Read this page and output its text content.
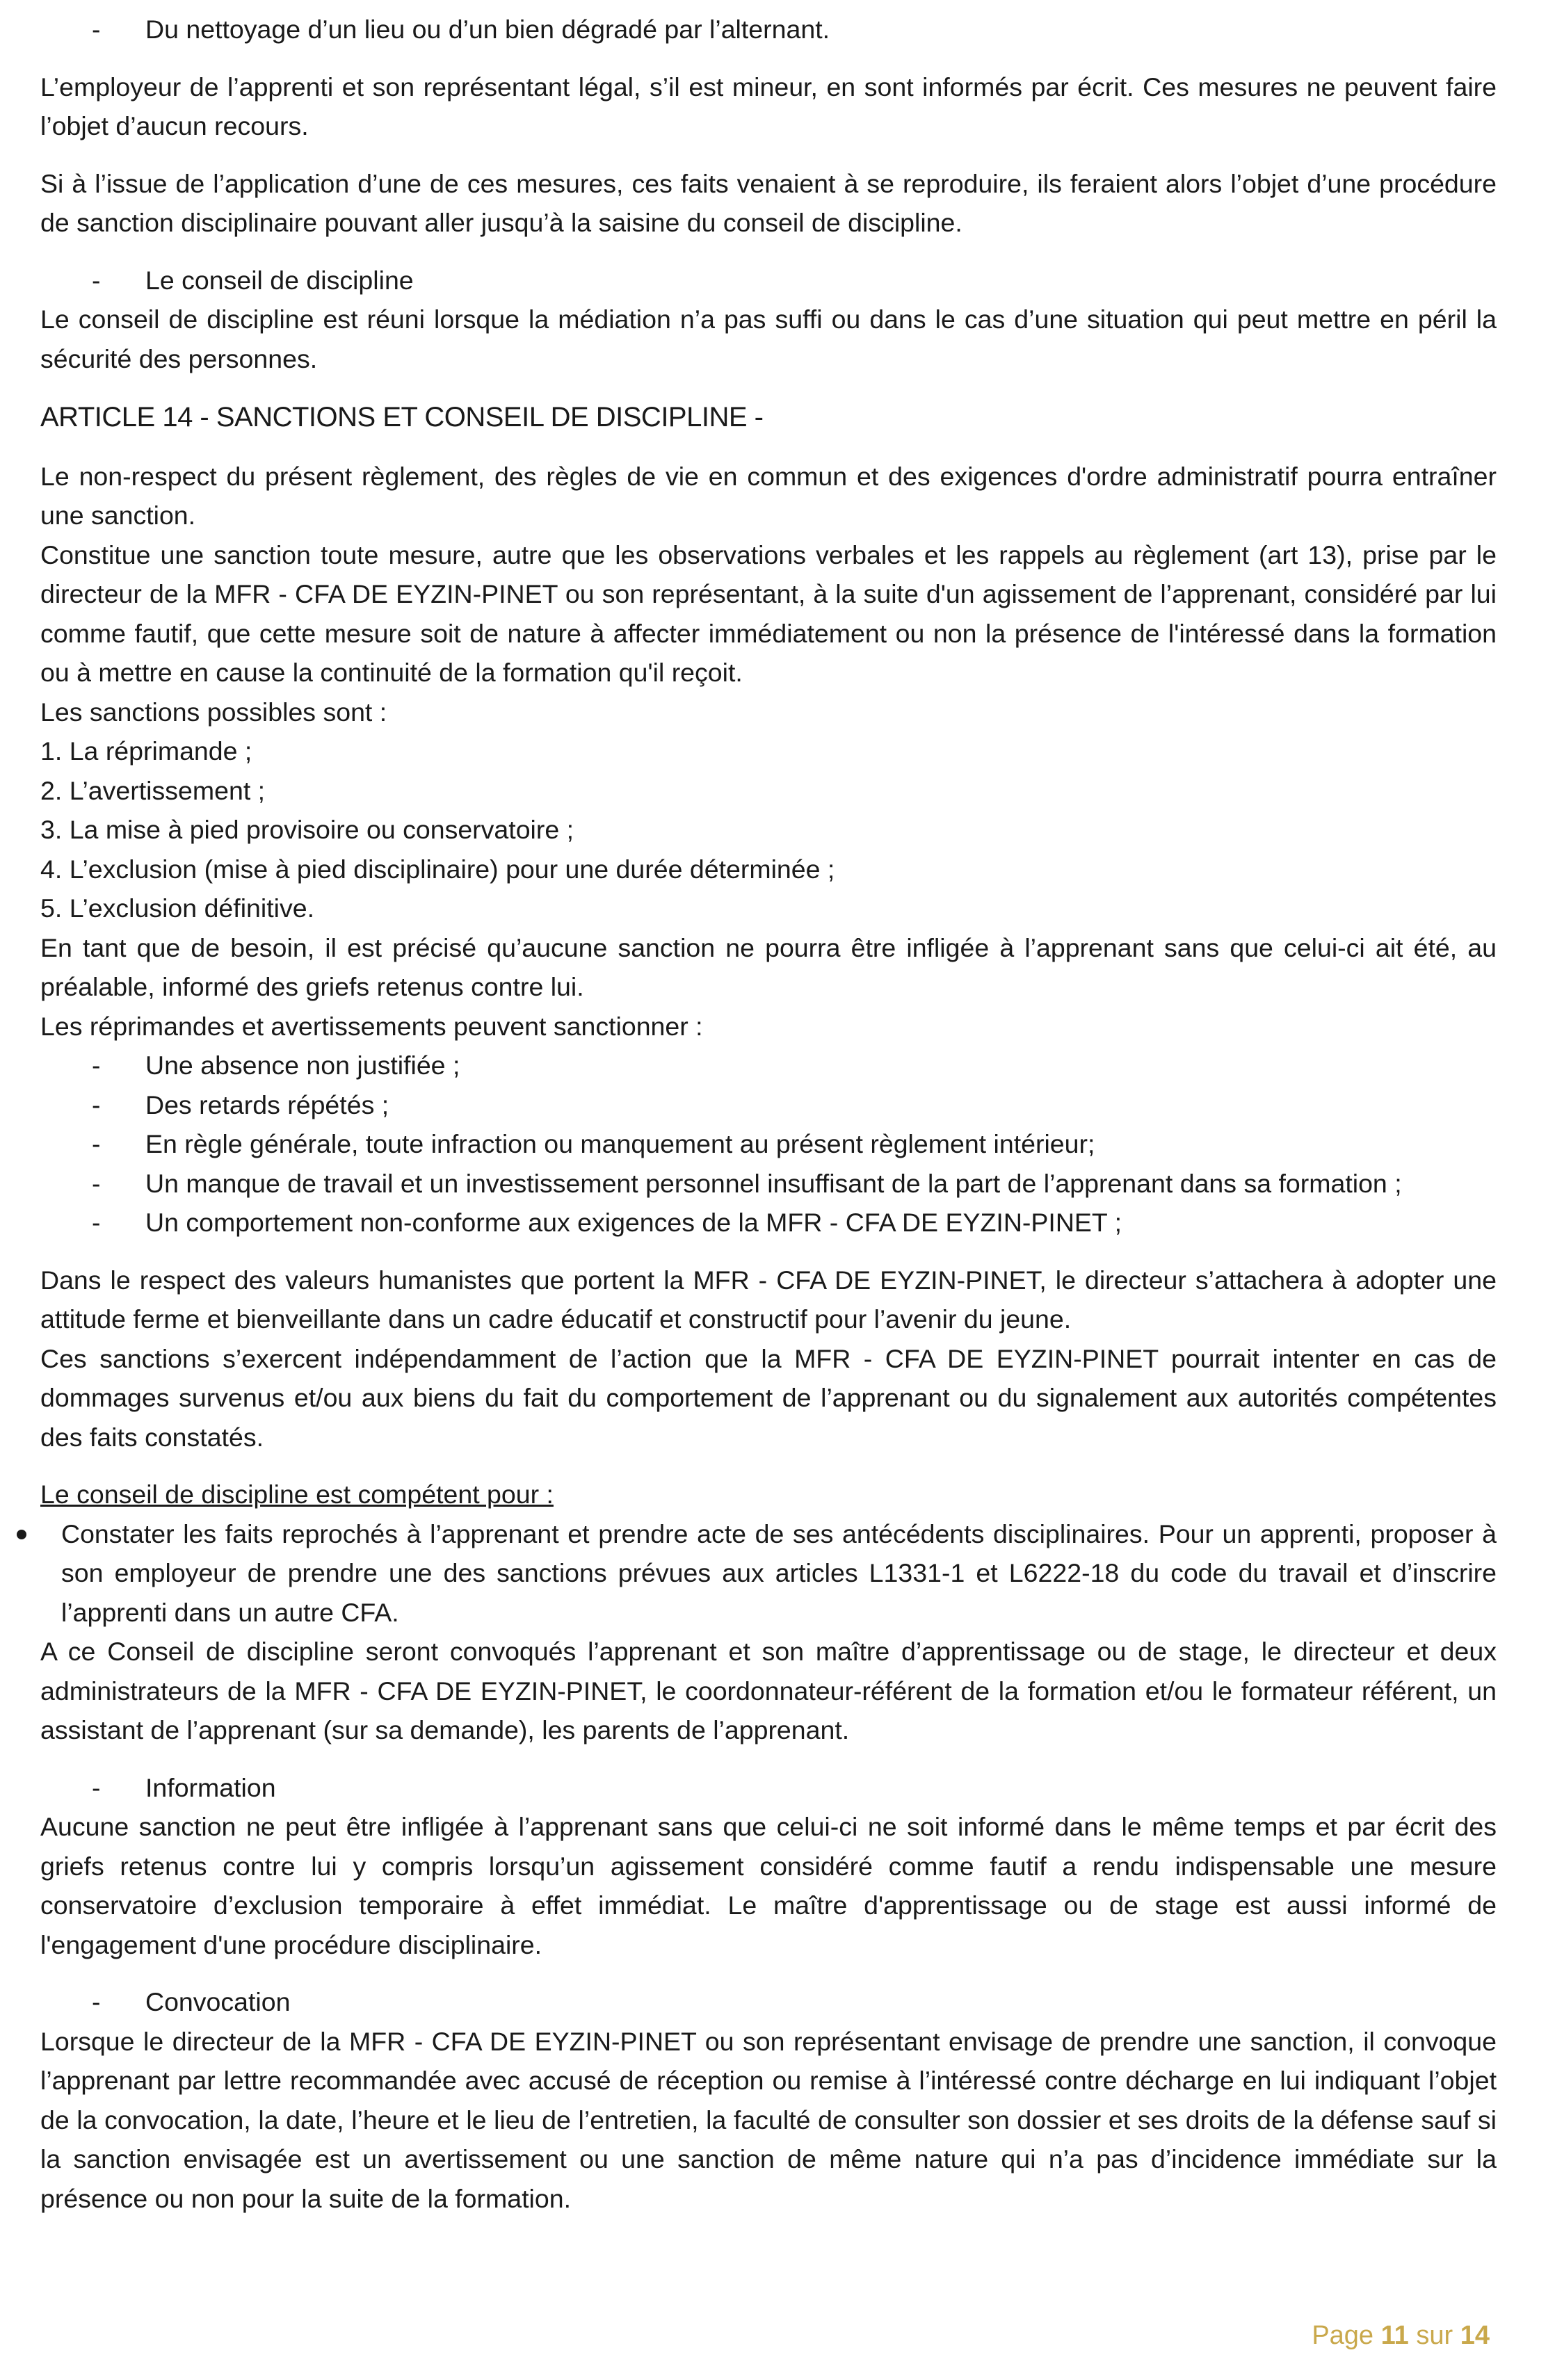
- Du nettoyage d’un lieu ou d’un bien dégradé par l’alternant.

L’employeur de l’apprenti et son représentant légal, s’il est mineur, en sont informés par écrit. Ces mesures ne peuvent faire l’objet d’aucun recours.

Si à l’issue de l’application d’une de ces mesures, ces faits venaient à se reproduire, ils feraient alors l’objet d’une procédure de sanction disciplinaire pouvant aller jusqu’à la saisine du conseil de discipline.

- Le conseil de discipline

Le conseil de discipline est réuni lorsque la médiation n’a pas suffi ou dans le cas d’une situation qui peut mettre en péril la sécurité des personnes.

ARTICLE 14 - SANCTIONS ET CONSEIL DE DISCIPLINE -

Le non-respect du présent règlement, des règles de vie en commun et des exigences d'ordre administratif pourra entraîner une sanction.

Constitue une sanction toute mesure, autre que les observations verbales et les rappels au règlement (art 13), prise par le directeur de la MFR - CFA DE EYZIN-PINET ou son représentant, à la suite d'un agissement de l’apprenant, considéré par lui comme fautif, que cette mesure soit de nature à affecter immédiatement ou non la présence de l'intéressé dans la formation ou à mettre en cause la continuité de la formation qu'il reçoit.

Les sanctions possibles sont :

1. La réprimande ;

2. L’avertissement ;

3. La mise à pied provisoire ou conservatoire ;

4. L’exclusion (mise à pied disciplinaire) pour une durée déterminée ;

5. L’exclusion définitive.

En tant que de besoin, il est précisé qu’aucune sanction ne pourra être infligée à l’apprenant sans que celui-ci ait été, au préalable, informé des griefs retenus contre lui.

Les réprimandes et avertissements peuvent sanctionner :

- Une absence non justifiée ;
- Des retards répétés ;
- En règle générale, toute infraction ou manquement au présent règlement intérieur;
- Un manque de travail et un investissement personnel insuffisant de la part de l’apprenant dans sa formation ;
- Un comportement non-conforme aux exigences de la MFR - CFA DE EYZIN-PINET ;

Dans le respect des valeurs humanistes que portent la MFR - CFA DE EYZIN-PINET, le directeur s’attachera à adopter une attitude ferme et bienveillante dans un cadre éducatif et constructif pour l’avenir du jeune.

Ces sanctions s’exercent indépendamment de l’action que la MFR - CFA DE EYZIN-PINET pourrait intenter en cas de dommages survenus et/ou aux biens du fait du comportement de l’apprenant ou du signalement aux autorités compétentes des faits constatés.

Le conseil de discipline est compétent pour :

Constater les faits reprochés à l’apprenant et prendre acte de ses antécédents disciplinaires. Pour un apprenti, proposer à son employeur de prendre une des sanctions prévues aux articles L1331-1 et L6222-18 du code du travail et d’inscrire l’apprenti dans un autre CFA.

A ce Conseil de discipline seront convoqués l’apprenant et son maître d’apprentissage ou de stage, le directeur et deux administrateurs de la MFR - CFA DE EYZIN-PINET, le coordonnateur-référent de la formation et/ou le formateur référent, un assistant de l’apprenant (sur sa demande), les parents de l’apprenant.

- Information

Aucune sanction ne peut être infligée à l’apprenant sans que celui-ci ne soit informé dans le même temps et par écrit des griefs retenus contre lui y compris lorsqu’un agissement considéré comme fautif a rendu indispensable une mesure conservatoire d’exclusion temporaire à effet immédiat. Le maître d'apprentissage ou de stage est aussi informé de l'engagement d'une procédure disciplinaire.

- Convocation

Lorsque le directeur de la MFR - CFA DE EYZIN-PINET ou son représentant envisage de prendre une sanction, il convoque l’apprenant par lettre recommandée avec accusé de réception ou remise à l’intéressé contre décharge en lui indiquant l’objet de la convocation, la date, l’heure et le lieu de l’entretien, la faculté de consulter son dossier et ses droits de la défense sauf si la sanction envisagée est un avertissement ou une sanction de même nature qui n’a pas d’incidence immédiate sur la présence ou non pour la suite de la formation.

Page 11 sur 14
